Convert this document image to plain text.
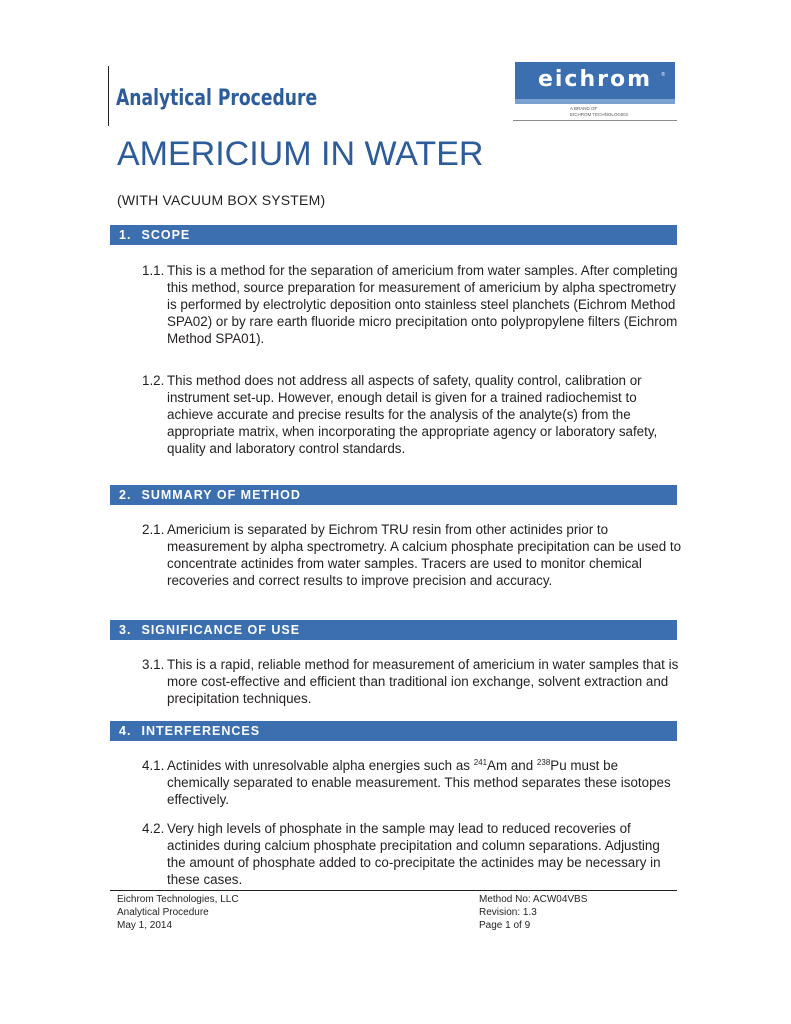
Analytical Procedure
eichrom	®
A BRAND OF
EICHROM TECHNOLOGIES
AMERICIUM IN WATER
(WITH VACUUM BOX SYSTEM)
1. SCOPE
1.1. This is a method for the separation of americium from water samples. After completing this method, source preparation for measurement of americium by alpha spectrometry is performed by electrolytic deposition onto stainless steel planchets (Eichrom Method SPA02) or by rare earth fluoride micro precipitation onto polypropylene filters (Eichrom Method SPA01).
1.2. This method does not address all aspects of safety, quality control, calibration or instrument set-up. However, enough detail is given for a trained radiochemist to achieve accurate and precise results for the analysis of the analyte(s) from the appropriate matrix, when incorporating the appropriate agency or laboratory safety, quality and laboratory control standards.
2. SUMMARY OF METHOD
2.1. Americium is separated by Eichrom TRU resin from other actinides prior to measurement by alpha spectrometry. A calcium phosphate precipitation can be used to concentrate actinides from water samples. Tracers are used to monitor chemical recoveries and correct results to improve precision and accuracy.
3. SIGNIFICANCE OF USE
3.1. This is a rapid, reliable method for measurement of americium in water samples that is more cost-effective and efficient than traditional ion exchange, solvent extraction and precipitation techniques.
4. INTERFERENCES
4.1. Actinides with unresolvable alpha energies such as $^{241}$Am and $^{238}$Pu must be chemically separated to enable measurement. This method separates these isotopes effectively.
4.2. Very high levels of phosphate in the sample may lead to reduced recoveries of actinides during calcium phosphate precipitation and column separations. Adjusting the amount of phosphate added to co-precipitate the actinides may be necessary in these cases.
Eichrom Technologies, LLC
Analytical Procedure
May 1, 2014
Method No: ACW04VBS
Revision: 1.3
Page 1 of 9
